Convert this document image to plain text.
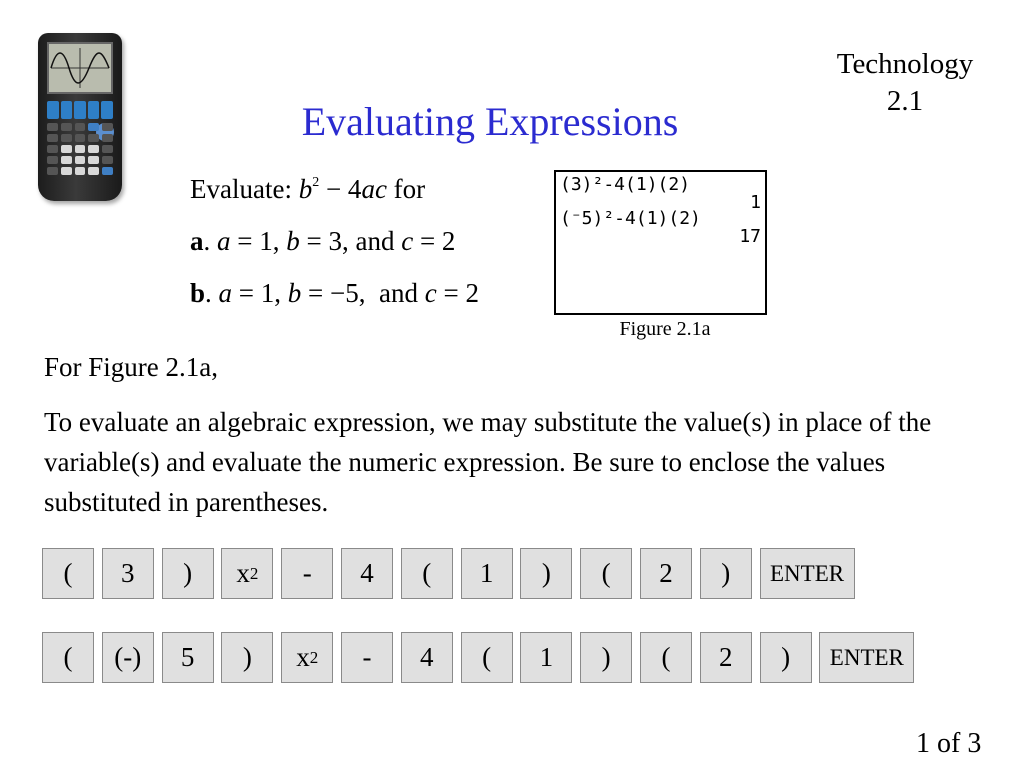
Technology
2.1
Evaluating Expressions
Evaluate: $b^2 - 4ac$ for
a. a = 1, b = 3, and c = 2
b. a = 1, b = −5,  and c = 2
(3)²-4(1)(2)
1
(⁻5)²-4(1)(2)
17
Figure 2.1a
For Figure 2.1a,
To evaluate an algebraic expression, we may substitute the value(s) in place of the variable(s) and evaluate the numeric expression. Be sure to enclose the values substituted in parentheses.
(	3	)	x 2	-	4	(	1	)	(	2	)	ENTER
(	(-)	5	)	x 2	-	4	(	1	)	(	2	)	ENTER
1 of 3
